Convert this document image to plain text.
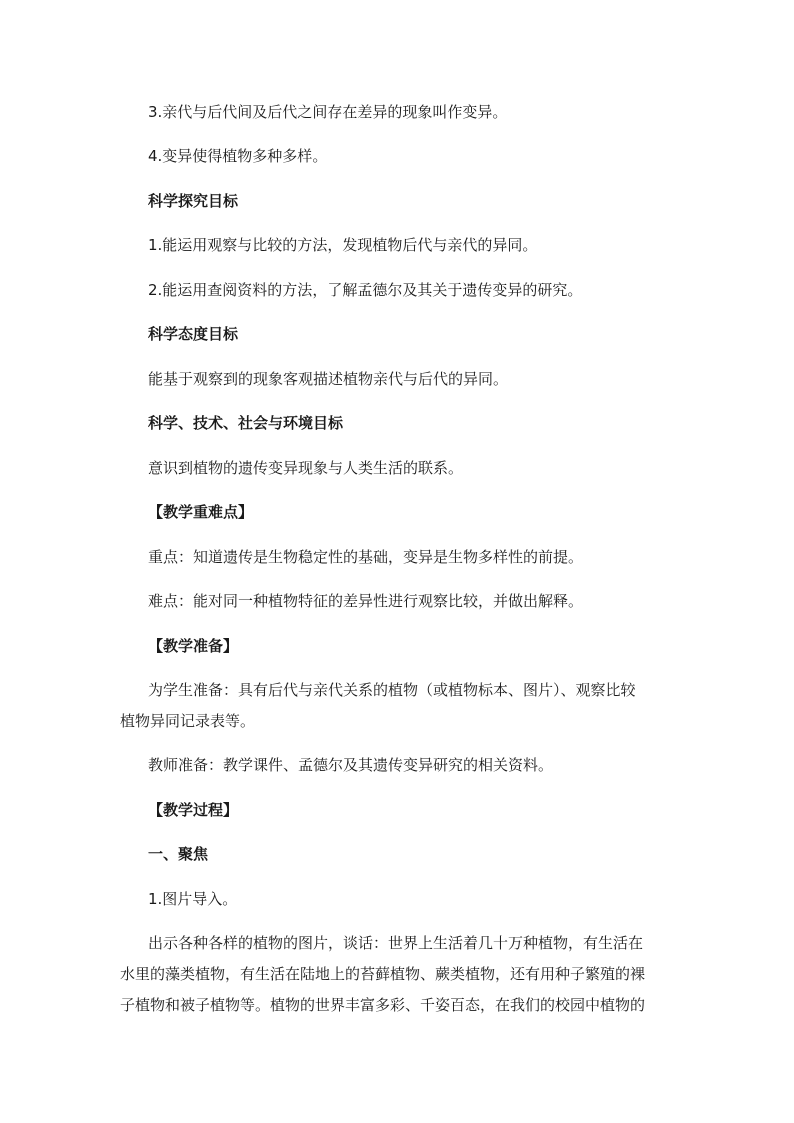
3.亲代与后代间及后代之间存在差异的现象叫作变异。
4.变异使得植物多种多样。
科学探究目标
1.能运用观察与比较的方法，发现植物后代与亲代的异同。
2.能运用查阅资料的方法，了解孟德尔及其关于遗传变异的研究。
科学态度目标
能基于观察到的现象客观描述植物亲代与后代的异同。
科学、技术、社会与环境目标
意识到植物的遗传变异现象与人类生活的联系。
【教学重难点】
重点：知道遗传是生物稳定性的基础，变异是生物多样性的前提。
难点：能对同一种植物特征的差异性进行观察比较，并做出解释。
【教学准备】
为学生准备：具有后代与亲代关系的植物（或植物标本、图片）、观察比较
植物异同记录表等。
教师准备：教学课件、孟德尔及其遗传变异研究的相关资料。
【教学过程】
一、聚焦
1.图片导入。
出示各种各样的植物的图片，谈话：世界上生活着几十万种植物，有生活在
水里的藻类植物，有生活在陆地上的苔藓植物、蕨类植物，还有用种子繁殖的裸
子植物和被子植物等。植物的世界丰富多彩、千姿百态，在我们的校园中植物的
